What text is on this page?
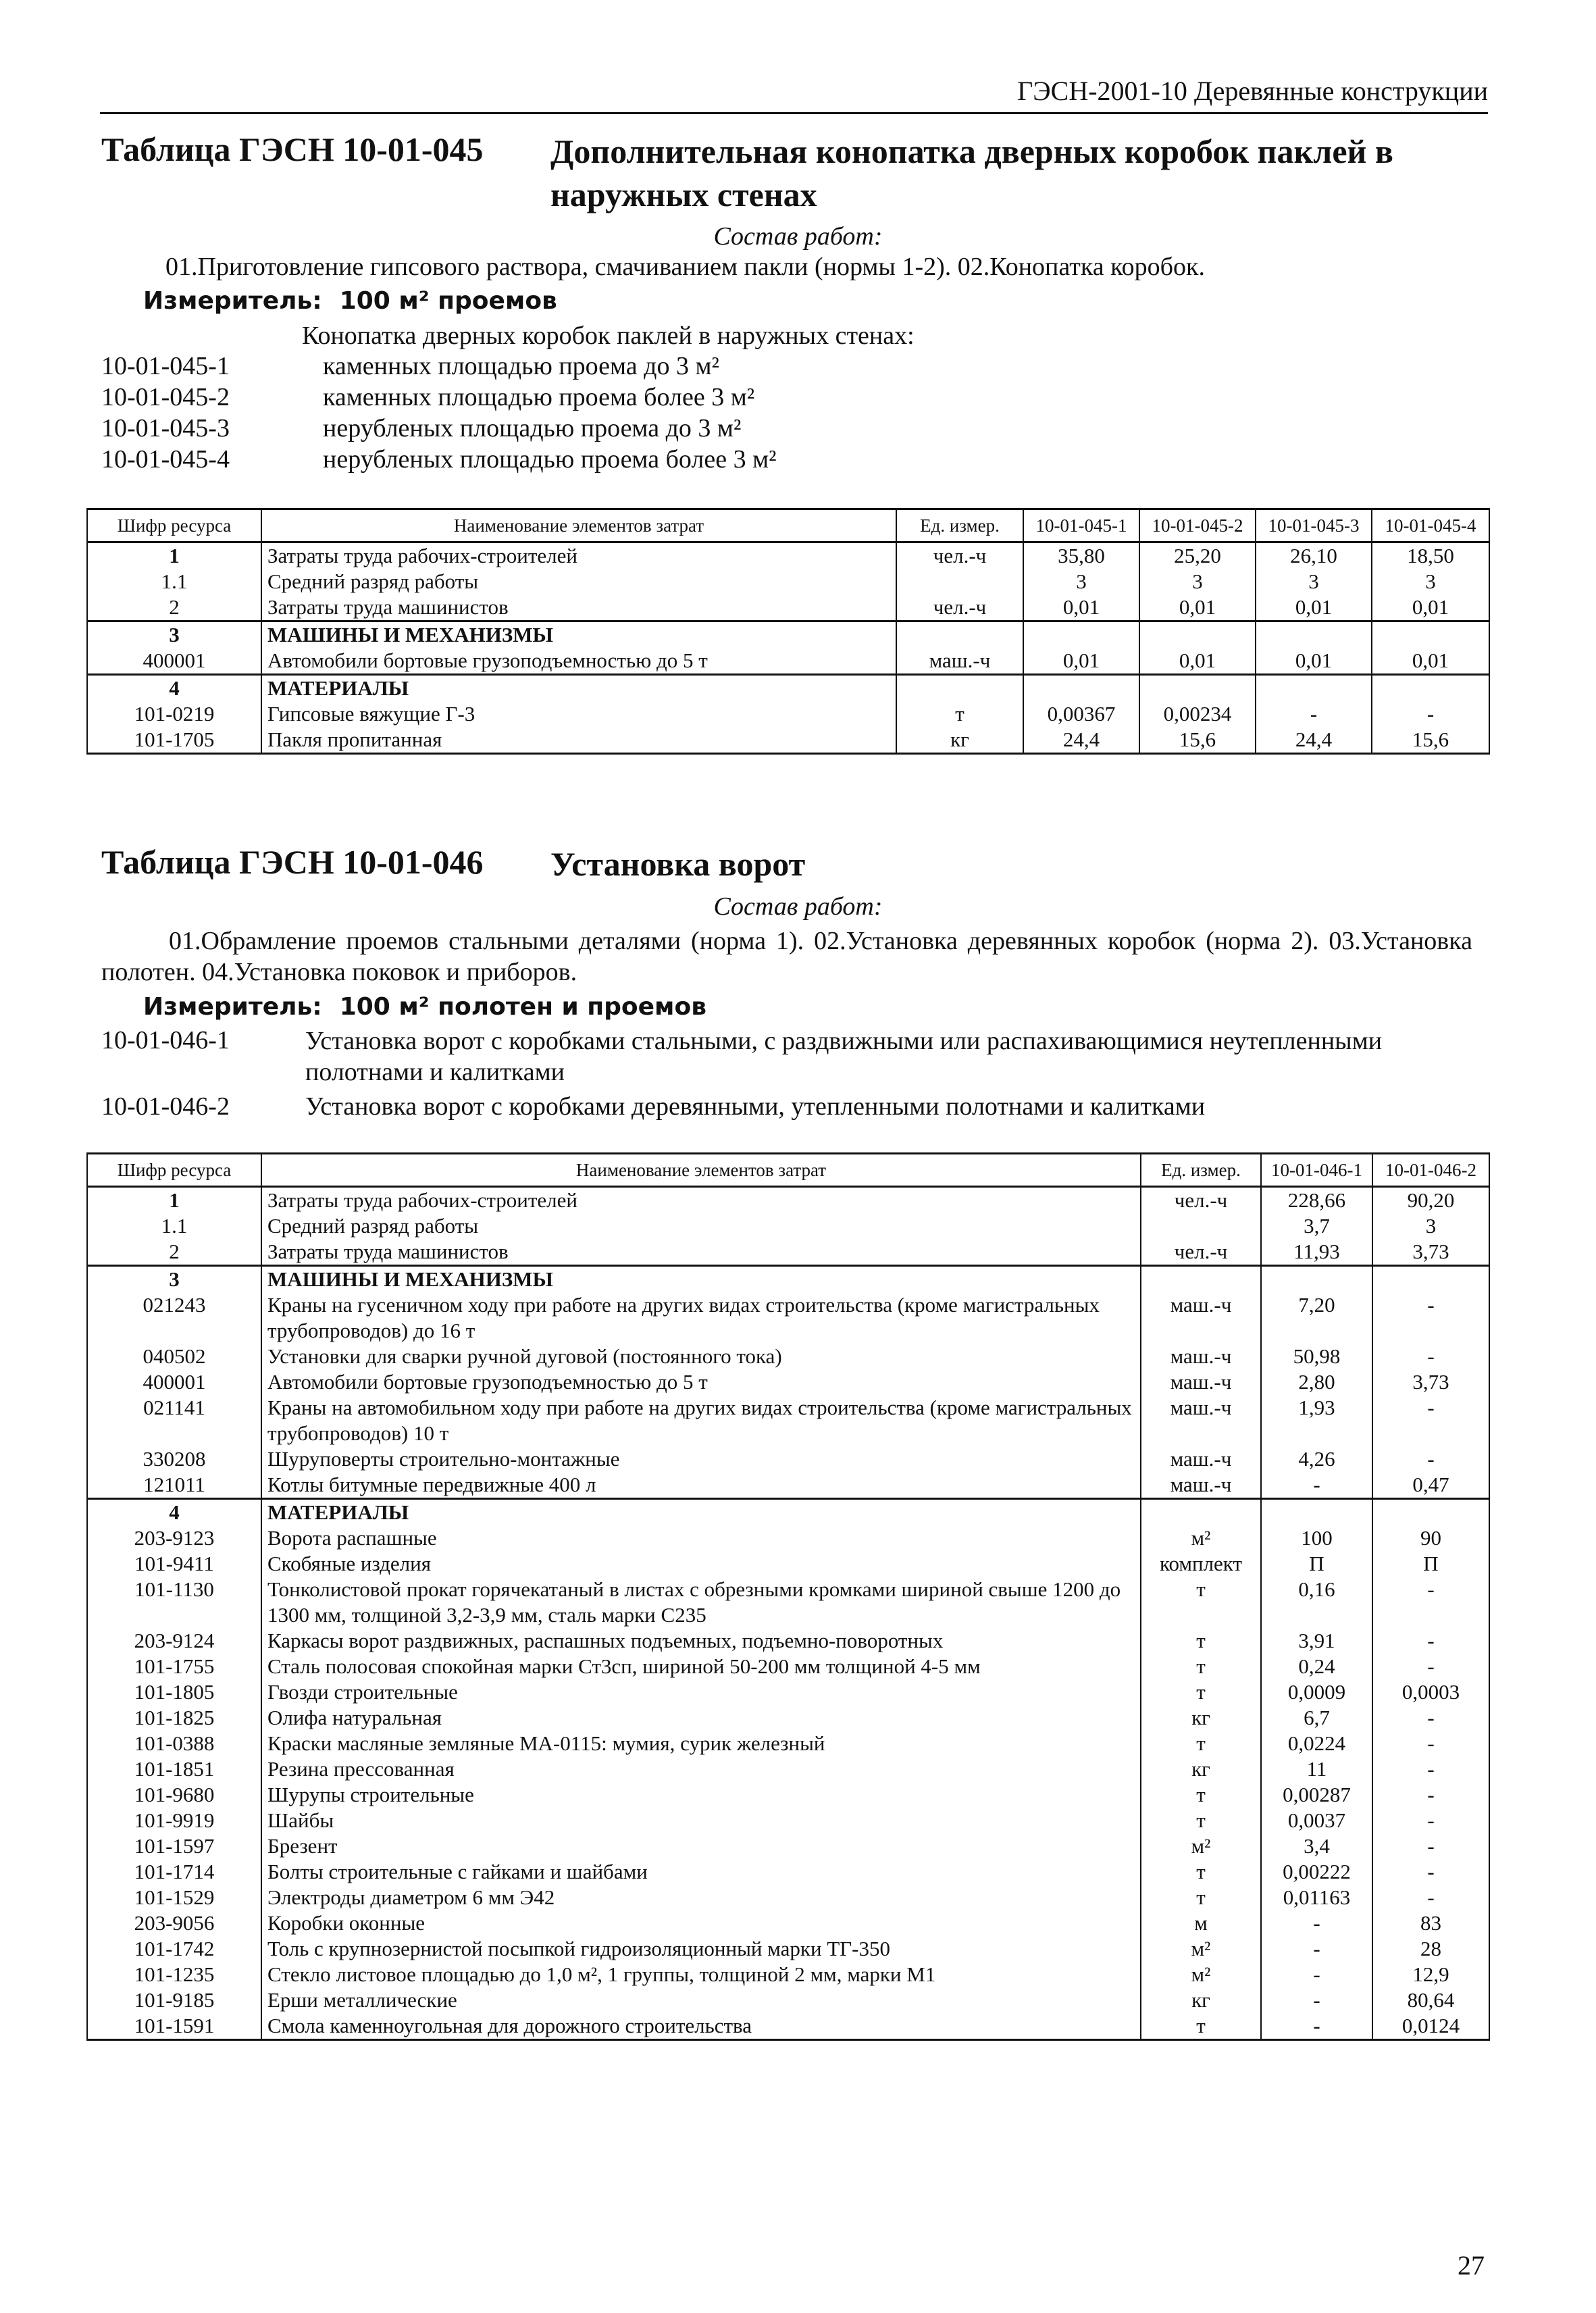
ГЭСН-2001-10 Деревянные конструкции
Таблица ГЭСН 10-01-045 Дополнительная конопатка дверных коробок паклей в наружных стенах
Состав работ:
01.Приготовление гипсового раствора, смачиванием пакли (нормы 1-2). 02.Конопатка коробок.
Измеритель: 100 м² проемов
Конопатка дверных коробок паклей в наружных стенах:
10-01-045-1	каменных площадью проема до 3 м²
10-01-045-2	каменных площадью проема более 3 м²
10-01-045-3	нерубленых площадью проема до 3 м²
10-01-045-4	нерубленых площадью проема более 3 м²
Шифр ресурса	Наименование элементов затрат	Ед. измер.	10-01-045-1	10-01-045-2	10-01-045-3	10-01-045-4
1	Затраты труда рабочих-строителей	чел.-ч	35,80	25,20	26,10	18,50
1.1	Средний разряд работы		3	3	3	3
2	Затраты труда машинистов	чел.-ч	0,01	0,01	0,01	0,01
3	МАШИНЫ И МЕХАНИЗМЫ					
400001	Автомобили бортовые грузоподъемностью до 5 т	маш.-ч	0,01	0,01	0,01	0,01
4	МАТЕРИАЛЫ					
101-0219	Гипсовые вяжущие Г-3	т	0,00367	0,00234	-	-
101-1705	Пакля пропитанная	кг	24,4	15,6	24,4	15,6
Таблица ГЭСН 10-01-046 Установка ворот
Состав работ:
01.Обрамление проемов стальными деталями (норма 1). 02.Установка деревянных коробок (норма 2). 03.Установка полотен. 04.Установка поковок и приборов.
Измеритель: 100 м² полотен и проемов
10-01-046-1	Установка ворот с коробками стальными, с раздвижными или распахивающимися неутепленными полотнами и калитками
10-01-046-2	Установка ворот с коробками деревянными, утепленными полотнами и калитками
Шифр ресурса	Наименование элементов затрат	Ед. измер.	10-01-046-1	10-01-046-2
1	Затраты труда рабочих-строителей	чел.-ч	228,66	90,20
1.1	Средний разряд работы		3,7	3
2	Затраты труда машинистов	чел.-ч	11,93	3,73
3	МАШИНЫ И МЕХАНИЗМЫ			
021243	Краны на гусеничном ходу при работе на других видах строительства (кроме магистральных трубопроводов) до 16 т	маш.-ч	7,20	-
040502	Установки для сварки ручной дуговой (постоянного тока)	маш.-ч	50,98	-
400001	Автомобили бортовые грузоподъемностью до 5 т	маш.-ч	2,80	3,73
021141	Краны на автомобильном ходу при работе на других видах строительства (кроме магистральных трубопроводов) 10 т	маш.-ч	1,93	-
330208	Шуруповерты строительно-монтажные	маш.-ч	4,26	-
121011	Котлы битумные передвижные 400 л	маш.-ч	-	0,47
4	МАТЕРИАЛЫ			
203-9123	Ворота распашные	м²	100	90
101-9411	Скобяные изделия	комплект	П	П
101-1130	Тонколистовой прокат горячекатаный в листах с обрезными кромками шириной свыше 1200 до 1300 мм, толщиной 3,2-3,9 мм, сталь марки С235	т	0,16	-
203-9124	Каркасы ворот раздвижных, распашных подъемных, подъемно-поворотных	т	3,91	-
101-1755	Сталь полосовая спокойная марки Ст3сп, шириной 50-200 мм толщиной 4-5 мм	т	0,24	-
101-1805	Гвозди строительные	т	0,0009	0,0003
101-1825	Олифа натуральная	кг	6,7	-
101-0388	Краски масляные земляные МА-0115: мумия, сурик железный	т	0,0224	-
101-1851	Резина прессованная	кг	11	-
101-9680	Шурупы строительные	т	0,00287	-
101-9919	Шайбы	т	0,0037	-
101-1597	Брезент	м²	3,4	-
101-1714	Болты строительные с гайками и шайбами	т	0,00222	-
101-1529	Электроды диаметром 6 мм Э42	т	0,01163	-
203-9056	Коробки оконные	м	-	83
101-1742	Толь с крупнозернистой посыпкой гидроизоляционный марки ТГ-350	м²	-	28
101-1235	Стекло листовое площадью до 1,0 м², 1 группы, толщиной 2 мм, марки М1	м²	-	12,9
101-9185	Ерши металлические	кг	-	80,64
101-1591	Смола каменноугольная для дорожного строительства	т	-	0,0124
27
